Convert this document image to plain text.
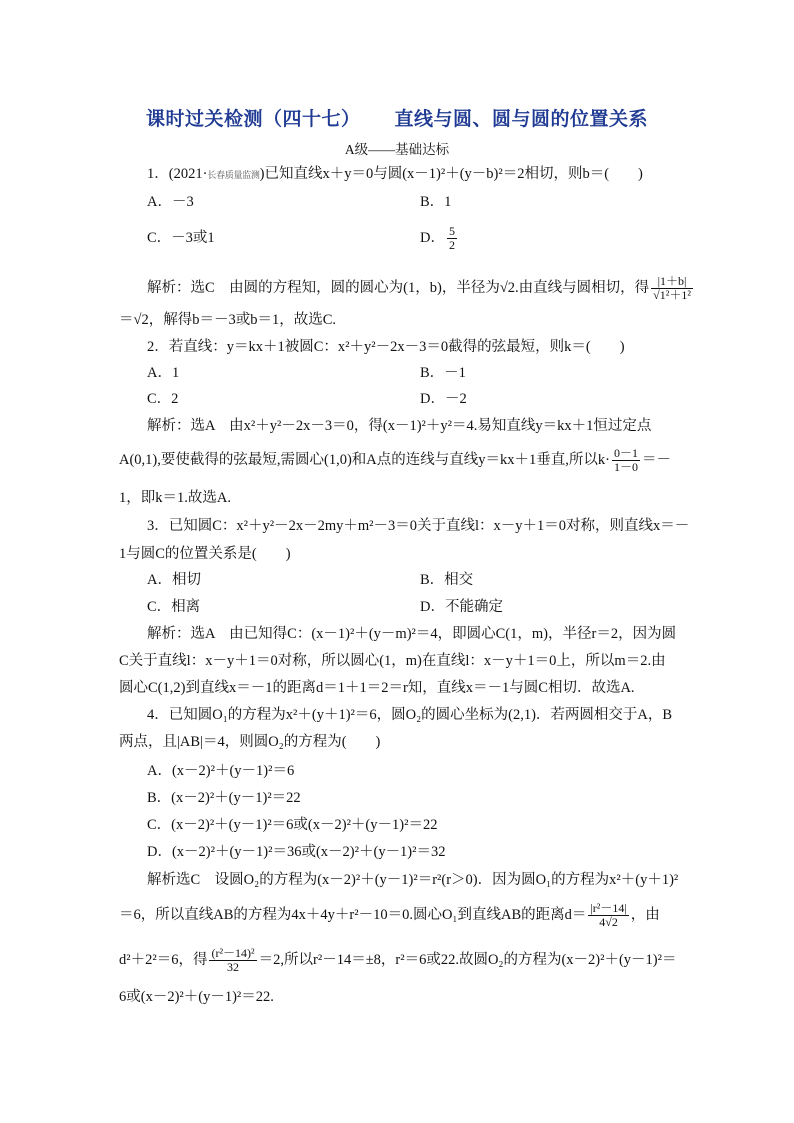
课时过关检测（四十七） 直线与圆、圆与圆的位置关系
A级——基础达标
1．(2021·长春质量监测)已知直线x＋y＝0与圆(x－1)²＋(y－b)²＝2相切，则b＝(　　)
A．－3	B．1
C．－3或1	D． $\frac{5}{2}$
解析：选C　由圆的方程知，圆的圆心为(1，b)，半径为√2.由直线与圆相切，得 $\frac{|1+b|}{\text{√1²＋1²}}$
＝√2，解得b＝－3或b＝1，故选C.
2．若直线：y＝kx＋1被圆C：x²＋y²－2x－3＝0截得的弦最短，则k＝(　　)
A．1	B．－1
C．2	D．－2
解析：选A　由x²＋y²－2x－3＝0，得(x－1)²＋y²＝4.易知直线y＝kx＋1恒过定点
A(0,1),要使截得的弦最短,需圆心(1,0)和A点的连线与直线y＝kx＋1垂直,所以$k\cdot \frac{0-1}{1-0}$ ＝－
1，即k＝1.故选A.
3．已知圆C：x²＋y²－2x－2my＋m²－3＝0关于直线l：x－y＋1＝0对称，则直线x＝－
1与圆C的位置关系是(　　)
A．相切	B．相交
C．相离	D．不能确定
解析：选A　由已知得C：(x－1)²＋(y－m)²＝4，即圆心C(1，m)，半径r＝2，因为圆
C关于直线l：x－y＋1＝0对称，所以圆心(1，m)在直线l：x－y＋1＝0上，所以m＝2.由
圆心C(1,2)到直线x＝－1的距离d＝1＋1＝2＝r知，直线x＝－1与圆C相切．故选A.
4．已知圆O₁的方程为x²＋(y＋1)²＝6，圆O₂的圆心坐标为(2,1)．若两圆相交于A，B
两点，且|AB|＝4，则圆O₂的方程为(　　)
A．(x－2)²＋(y－1)²＝6
B．(x－2)²＋(y－1)²＝22
C．(x－2)²＋(y－1)²＝6或(x－2)²＋(y－1)²＝22
D．(x－2)²＋(y－1)²＝36或(x－2)²＋(y－1)²＝32
解析选C　设圆O₂的方程为(x－2)²＋(y－1)²＝r²(r＞0)．因为圆O₁的方程为x²＋(y＋1)²
＝6，所以直线AB的方程为4x＋4y＋r²－10＝0.圆心O₁到直线AB的距离$d= \frac{\text{|r²－14|}}{4√2}$ ，由
d²＋2²＝6，得 $\frac{\text{(r²－14)²}}{32} =2$,所以r²－14＝±8，r²＝6或22.故圆O₂的方程为(x－2)²＋(y－1)²＝
6或(x－2)²＋(y－1)²＝22.
